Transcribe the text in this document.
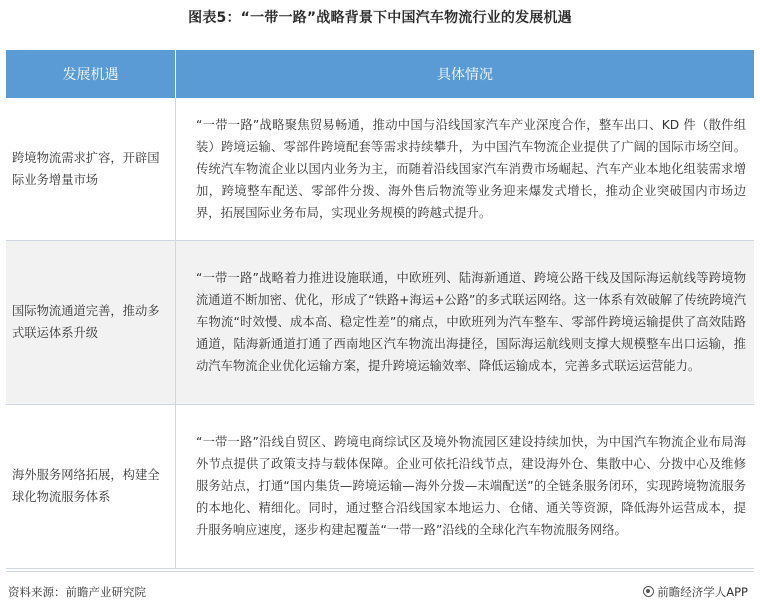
图表5：“一带一路”战略背景下中国汽车物流行业的发展机遇
发展机遇	具体情况
跨境物流需求扩容，开辟国际业务增量市场	“一带一路”战略聚焦贸易畅通，推动中国与沿线国家汽车产业深度合作，整车出口、KD 件（散件组装）跨境运输、零部件跨境配套等需求持续攀升，为中国汽车物流企业提供了广阔的国际市场空间。传统汽车物流企业以国内业务为主，而随着沿线国家汽车消费市场崛起、汽车产业本地化组装需求增加，跨境整车配送、零部件分拨、海外售后物流等业务迎来爆发式增长，推动企业突破国内市场边界，拓展国际业务布局，实现业务规模的跨越式提升。
国际物流通道完善，推动多式联运体系升级	“一带一路”战略着力推进设施联通，中欧班列、陆海新通道、跨境公路干线及国际海运航线等跨境物流通道不断加密、优化，形成了“铁路+海运+公路”的多式联运网络。这一体系有效破解了传统跨境汽车物流“时效慢、成本高、稳定性差”的痛点，中欧班列为汽车整车、零部件跨境运输提供了高效陆路通道，陆海新通道打通了西南地区汽车物流出海捷径，国际海运航线则支撑大规模整车出口运输，推动汽车物流企业优化运输方案，提升跨境运输效率、降低运输成本，完善多式联运运营能力。
海外服务网络拓展，构建全球化物流服务体系	“一带一路”沿线自贸区、跨境电商综试区及境外物流园区建设持续加快，为中国汽车物流企业布局海外节点提供了政策支持与载体保障。企业可依托沿线节点，建设海外仓、集散中心、分拨中心及维修服务站点，打通“国内集货—跨境运输—海外分拨—末端配送”的全链条服务闭环，实现跨境物流服务的本地化、精细化。同时，通过整合沿线国家本地运力、仓储、通关等资源，降低海外运营成本，提升服务响应速度，逐步构建起覆盖“一带一路”沿线的全球化汽车物流服务网络。
资料来源：前瞻产业研究院	前瞻经济学人APP
